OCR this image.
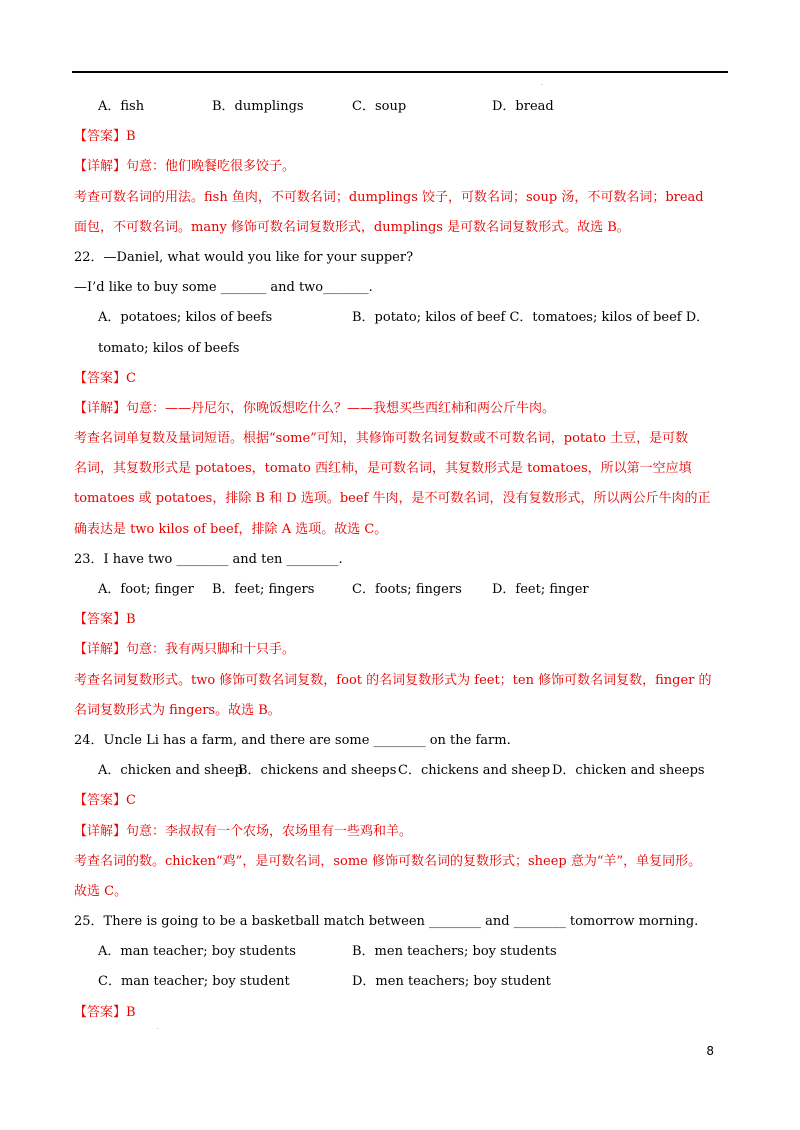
·
A．fish	B．dumplings	C．soup	D．bread
【答案】B
【详解】句意：他们晚餐吃很多饺子。
考查可数名词的用法。fish 鱼肉，不可数名词；dumplings 饺子，可数名词；soup 汤，不可数名词；bread
面包，不可数名词。many 修饰可数名词复数形式，dumplings 是可数名词复数形式。故选 B。
22．—Daniel, what would you like for your supper?
—I’d like to buy some _______ and two_______.
A．potatoes; kilos of beefs	B．potato; kilos of beef C．tomatoes; kilos of beef D．
tomato; kilos of beefs
【答案】C
【详解】句意：——丹尼尔，你晚饭想吃什么？——我想买些西红柿和两公斤牛肉。
考查名词单复数及量词短语。根据“some”可知，其修饰可数名词复数或不可数名词，potato 土豆，是可数
名词，其复数形式是 potatoes，tomato 西红柿，是可数名词，其复数形式是 tomatoes，所以第一空应填
tomatoes 或 potatoes，排除 B 和 D 选项。beef 牛肉，是不可数名词，没有复数形式，所以两公斤牛肉的正
确表达是 two kilos of beef，排除 A 选项。故选 C。
23．I have two ________ and ten ________.
A．foot; finger B．feet; fingers	C．foots; fingers D．feet; finger
【答案】B
【详解】句意：我有两只脚和十只手。
考查名词复数形式。two 修饰可数名词复数，foot 的名词复数形式为 feet；ten 修饰可数名词复数，finger 的
名词复数形式为 fingers。故选 B。
24．Uncle Li has a farm, and there are some ________ on the farm.
A．chicken and sheep
B．chickens and sheeps C．chickens and sheep D．chicken and sheeps
【答案】C
【详解】句意：李叔叔有一个农场，农场里有一些鸡和羊。
考查名词的数。chicken“鸡”，是可数名词，some 修饰可数名词的复数形式；sheep 意为“羊”，单复同形。
故选 C。
25．There is going to be a basketball match between ________ and ________ tomorrow morning.
A．man teacher; boy students	B．men teachers; boy students
C．man teacher; boy student	D．men teachers; boy student
【答案】B
·
8
